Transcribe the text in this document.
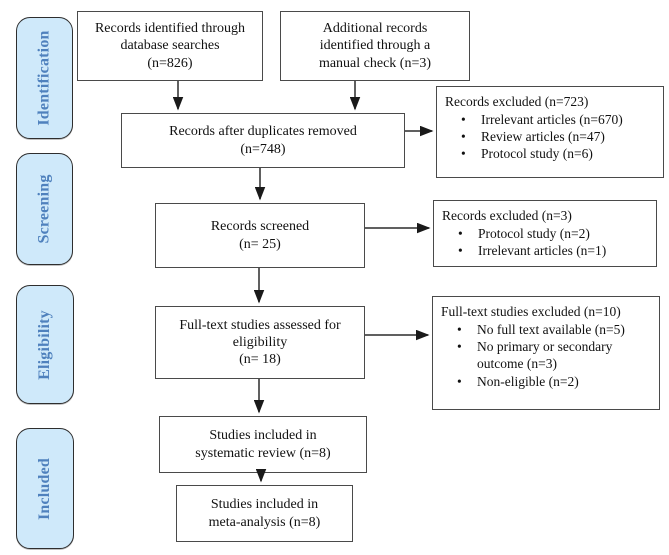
Identification
Screening
Eligibility
Included
Records identified through
database searches
(n=826)
Additional records
identified through a
manual check (n=3)
Records after duplicates removed
(n=748)
Records screened
(n= 25)
Full-text studies assessed for
eligibility
(n= 18)
Studies included in
systematic review (n=8)
Studies included in
meta-analysis (n=8)
Records excluded (n=723)
• Irrelevant articles (n=670)
• Review articles (n=47)
• Protocol study (n=6)
Records excluded (n=3)
• Protocol study (n=2)
• Irrelevant articles (n=1)
Full-text studies excluded (n=10)
• No full text available (n=5)
• No primary or secondary outcome (n=3)
• Non-eligible (n=2)
